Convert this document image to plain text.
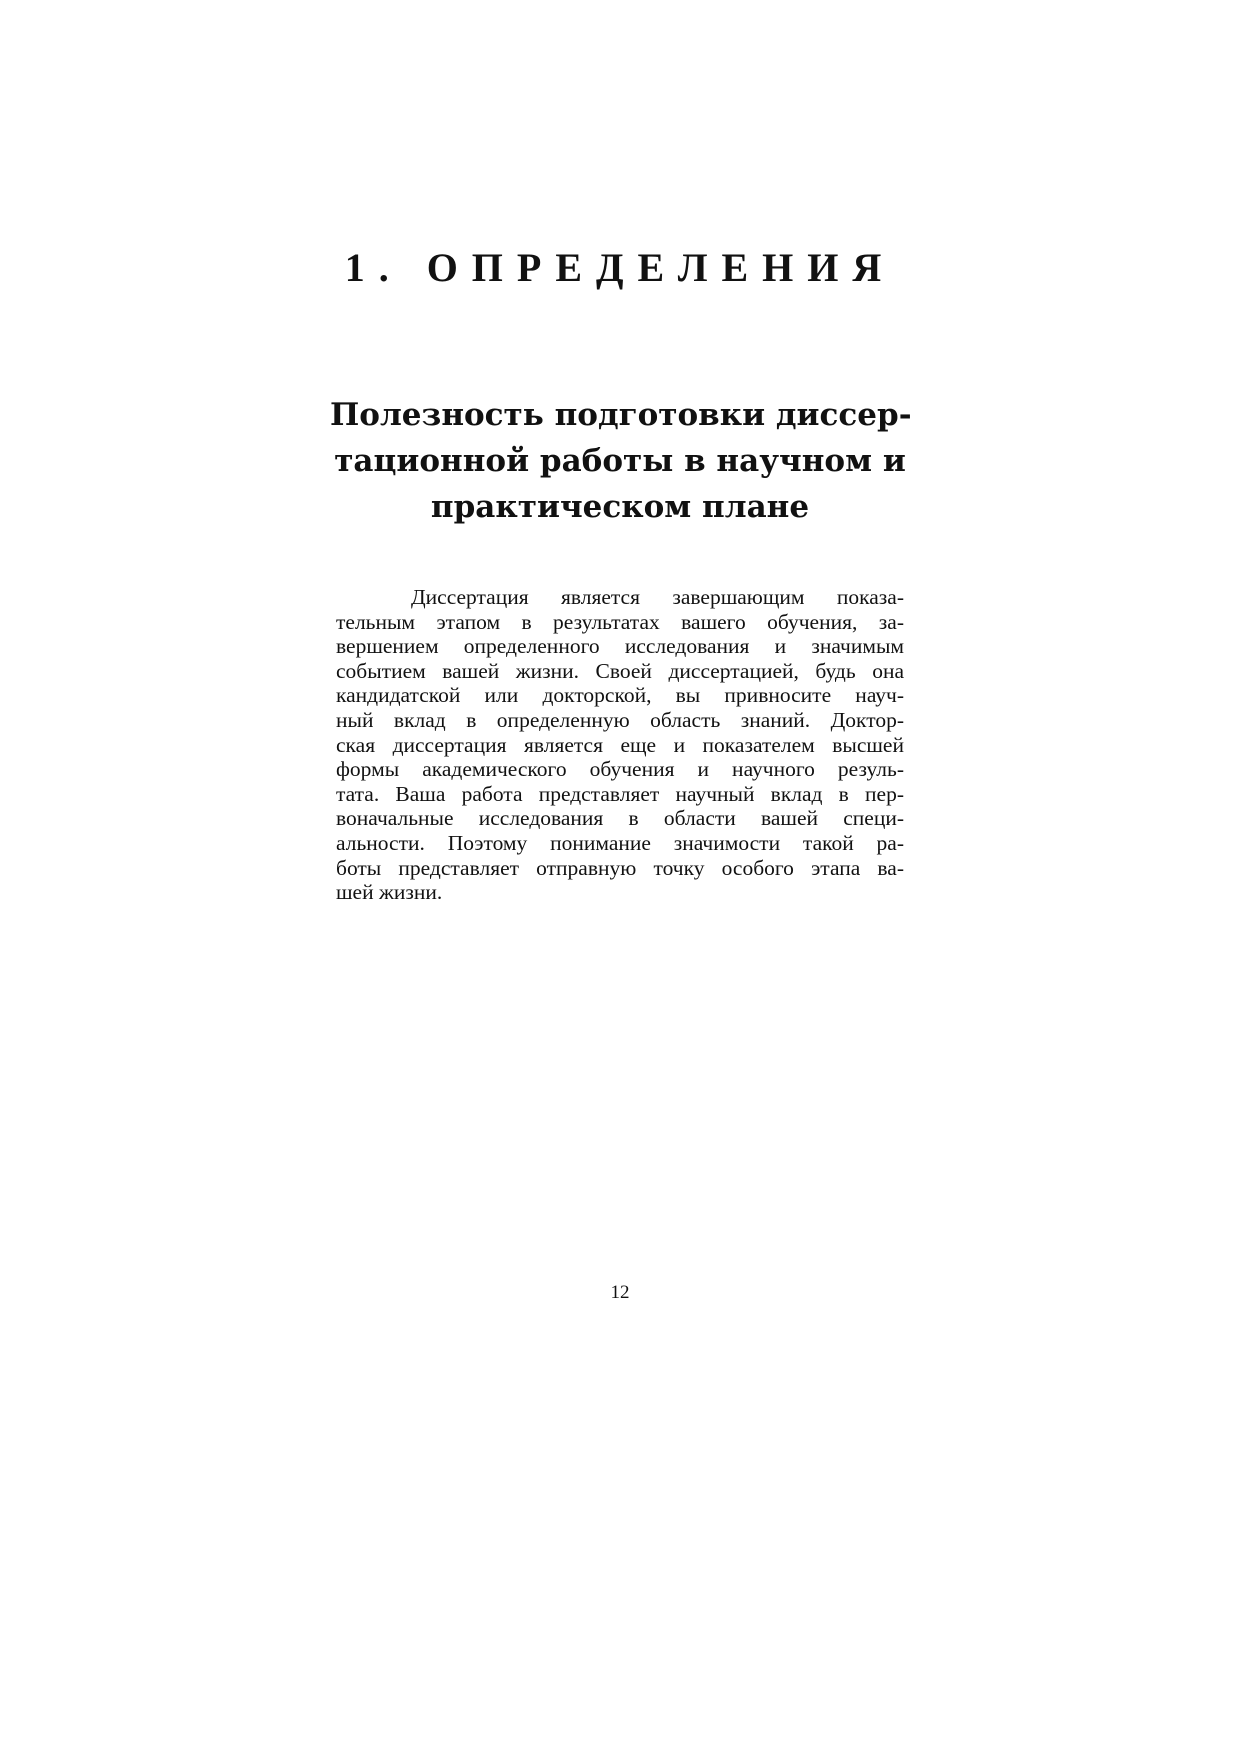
1. ОПРЕДЕЛЕНИЯ
Полезность подготовки диссер-
тационной работы в научном и
практическом плане
Диссертация является завершающим показа-
тельным этапом в результатах вашего обучения, за-
вершением определенного исследования и значимым
событием вашей жизни. Своей диссертацией, будь она
кандидатской или докторской, вы привносите науч-
ный вклад в определенную область знаний. Доктор-
ская диссертация является еще и показателем высшей
формы академического обучения и научного резуль-
тата. Ваша работа представляет научный вклад в пер-
воначальные исследования в области вашей специ-
альности. Поэтому понимание значимости такой ра-
боты представляет отправную точку особого этапа ва-
шей жизни.
12
